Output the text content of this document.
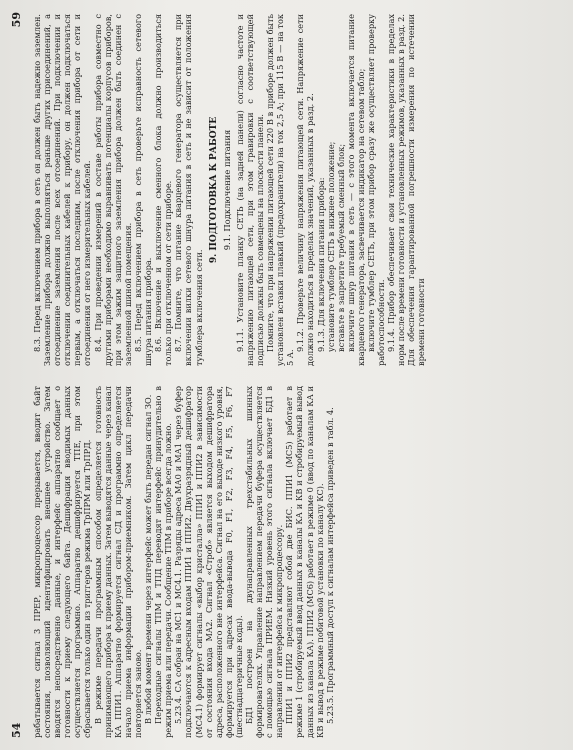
54
59

рабатывается сигнал 3 ПРЕР, микропроцессор прерывается, вводит байт состояния, позволяющий идентифицировать внешнее устройство. Затем вводятся непосредственно данные, и интерфейс аппаратно сообщает о готовности к приему следующего байта. Дешифрация вводимых данных осуществляется программно. Аппаратно дешифрируется ТПЕ, при этом сбрасывается только один из триггеров режима ТрПРМ или ТрПРД. В режиме передачи программным способом определяется готовность принимающего прибора к приему данных. Затем выводятся данные через канал КА ППИ1. Аппаратно формируется сигнал СД и программно определяется начало приема информации прибором-приемником. Затем цикл передачи повторяется заново. В любой момент времени через интерфейс может быть передан сигнал ЗО. Переходные сигналы ТПМ и ТПД переводят интерфейс принудительно в режим приема или передачи. Сообщение ТПМ в приборе всегда ложно. 5.23.4. СА собран на МС1 и МС4.1. Разряды адреса МА0 и МА1 через буфер подключаются к адресным входам ППИ1 и ППИ2. Двухразрядный дешифратор (МС4.1) формирует сигналы «выбор кристалла» ППИ1 и ППИ2 в зависимости от состояния входа МА2. Сигнал «Строб» является выходом дешифратора адреса, расположенного вне интерфейса. Сигнал на его выходе низкого уровня, формируется при адресах ввода-вывода F0, F1, F2, F3, F4, F5, F6, F7 (шестнадцатеричные коды). БД1 построен на двунаправленных трехстабильных шинных формирователях. Управление направлением передачи буфера осуществляется с помощью сигнала ПРИЕМ. Низкий уровень этого сигнала включает БД1 в направлении от интерфейса к микропроцессору. ППИ1 и ППИ2 представляют собой две БИС. ППИ1 (МС5) работает в режиме 1 (стробируемый ввод данных в каналы КА и КВ и стробируемый вывод данных из канала КА). ППИ2 (МС6) работает в режиме 0 (ввод по каналам КА и КВ и вывод в режиме побитовой установки по каналу КС). 5.23.5. Программный доступ к сигналам интерфейса приведен в табл. 4.

8.3. Перед включением прибора в сеть он должен быть надежно заземлен. Заземление прибора должно выполняться раньше других присоединений, а отсоединение заземления после всех отсоединений. При подключении и отключении соединительных кабелей к прибору, он должен подключаться первым, а отключаться последним, после отключения прибора от сети и отсоединения от него измерительных кабелей. 8.4. При проведении измерений в составе работы прибора совместно с другими приборами необходимо выравнивать потенциалы корпусов приборов, при этом зажим защитного заземления прибора должен быть соединен с заземленной шиной помещения. 8.5. Перед включением прибора в сеть проверьте исправность сетевого шнура питания прибора. 8.6. Включение и выключение сменного блока должно производиться только при отключенном от сети приборе. 8.7. Помните, что питание кварцевого генератора осуществляется при включении вилки сетевого шнура питания в сеть и не зависит от положения тумблера включения сети.

9. ПОДГОТОВКА К РАБОТЕ 9.1. Подключение питания 9.1.1. Установите планку СЕТЬ (на задней панели) согласно частоте и напряжению питающей сети, при этом гравировки с соответствующей подписью должны быть совмещены на плоскости панели. Помните, что при напряжении питающей сети 220 В в приборе должен быть установлен вставки плавкий (предохранители) на ток 2,5 А; при 115 В — на ток 5 А.

9.1.2. Проверьте величину напряжения питающей сети. Напряжение сети должно находиться в пределах значений, указанных в разд. 2. 9.1.3. Для включения питания прибора: установите тумблер СЕТЬ в нижнее положение; вставьте в запретите требуемый сменный блок; включите шнур питания в сеть — с этого момента включается питание кварцевого генератора, засвечивается индикатор на сетевом табло; включите тумблер СЕТЬ, при этом прибор сразу же осуществляет проверку работоспособности. 9.1.4. Прибор обеспечивает свои технические характеристики в пределах норм после времени готовности и установленных режимов, указанных в разд. 2. Для обеспечения гарантированной погрешности измерения по истечении времени готовности
